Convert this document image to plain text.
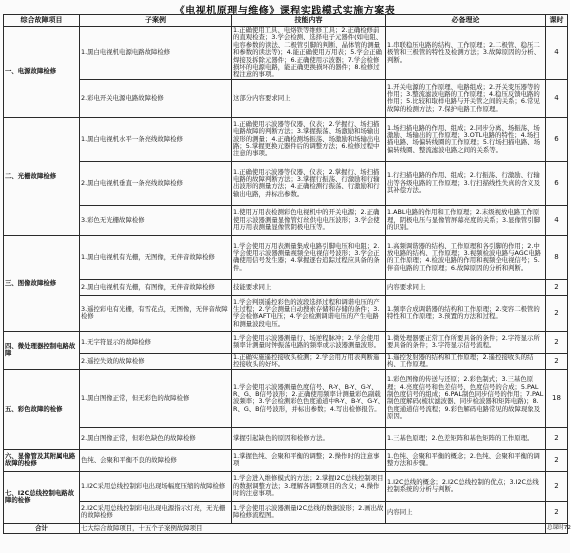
《电视机原理与维修》课程实践模式实施方案表
综合故障项目	子案例	技能内容	必备理论	课时
一、电源故障检修	1.黑白电视机电源电路故障检修	1.正确使用工具、电烙铁等维修工具；2.正确检修前的直观检查；3.学会检测、选择电子元器件(如电阻、电容参数的读法、二极管引脚的判断、晶体管的测量和参数的读法等)；4.能正确使用万用表；5.学会正确焊接及拆除元器件；6.正确使用示波器；7.学会检修损坏的电源电路，能正确更换损坏的器件；8.检修过程注意的事项。	1.串联稳压电路的结构、工作原理；2.二极管、稳压二极管和三极管的特性及检测方法；3.故障原因的分析、判断。	4
	2.彩电开关电源电路故障检修	这部分内容要求同上	1.开关电源的工作原理、电路组成；2.开关变压器等的作用；3.整流滤波电路的工作原理；4.稳压反馈电路的作用；5.比较和取样电路与开关管之间的关系；6.常见故障的检测方法；7.保护电路工作原理。	4
二、光栅故障检修	1.黑白电视机水平一条亮线故障检修	1.正确使用示波器等仪器、仪表；2.学握行、场扫描电路故障的判断方法；3.掌握振荡、场激励和场输出波形的测量；4.正确检测场振荡、场激励和场输出电路；5.掌握更换元器件后的调整方法；6.检修过程中注意的事项。	1.场扫描电路的作用、组成；2.同步分离、场振荡、场激励、场输出的工作原理；3.OTL电路的特性；4.场扫描电路、场偏转线圈的工作原理；5.行场扫描电路、场偏转线圈、整流滤波电路之间的关系等。	6
	2.黑白电视机垂直一条亮线故障检修	1.正确使用示波器等仪器、仪表；2.掌握行、场扫描电路的故障判断方法；3.掌握行振荡、行激励和行输出波形的测量方法；4.正确检测行振荡、行激励和行输出电路，并标出参数。	1.行扫描电路的作用、组成；2.行振荡、行激励、行输出等各级电路的工作原理；3.行扫描线性失真的含义及其补偿方法。	6
	3.彩色无光栅故障检修	1.使用万用表检测彩色电视机中的开关电源；2.正确使用示波器测量显像管灯丝供电电压波形；3.学会使用万用表测量显像管阴极电压等。	1.ABL电路的作用和工作原理；2.末级视放电路工作原理，阴极电压与显像管屏幕亮度的关系；3.显像管引脚的识别。	4
三、图像故障检修	1.黑白电视机有光栅，无图像，无伴音故障检修	1.学会使用万用表测量集成电路引脚电压和电阻；2.学会使用示波器测量视频全电视信号波形；3.学会正确使用信号发生器；4.掌握逐台追踪过程应具备的条件。	1.高频调谐器的结构、工作原理和各引脚的作用；2.中放电路的结构、工作原理；3.视频检波电路与AGC电路的工作原理；4.检波电路的作用和视频全电视信号；5.伴音电路的工作原理；6.故障原因的分析和判断。	8
	2.黑白电视机有光栅，有图像，无伴音故障检修	技能要求同上	内容要求同上	2
	3.遥控彩电有光栅，有雪花点，无图像，无伴音故障检修	1.学会判别遥控彩色的波段选择过程和调谐电压的产生过程；2.学会测量自动搜索存储和存储的条件；3.学会检修AFT电压；4.学会检测调谐电压的产生电路和测量波段电压。	1.频率合成调谐器的结构和工作原理；2.变容二极管的特性和工作原理；3.预置的方法和过程。	2
四、微处理器控制电路故障	1.无字符显示的故障检修	1.学会使用示波器测量行、场逆程脉冲；2.学会使用频率计测量时钟振荡电路的频率或示波器测量波形。	1.微处理器要正常工作所要具备的条件；2.字符显示所要具备的条件；3.字符显示信号流程。	2
	2.遥控失效的故障检修	1.正确实施遥控接收头检测；2.学会用万用表判断遥控接收头的好坏。	1.遥控发射器的结构和工作原理；2.遥控接收头的结构、工作原理。	2
五、彩色故障的检修	1.黑白图像正常，但无彩色的故障检修	1.学会使用示波器测量色度信号、R-Y、B-Y、G-Y、R、G、B信号波形；2.正确使用频率计测量彩色副载波频率；3.学会检测彩色色度通道中R-Y、B-Y、G-Y、R、G、B信号波形，并标出参数；4.写出检修报告。	1.彩色图像的传送与还原；2.彩色制式；3.三基色原理；4.亮度信号和色差信号、色度信号的合成；5.PAL制色度信号的组成；6.PAL制色同步信号的作用；7.PAL制色度解码(梳状滤波器、同步检波器和矩阵电路)；8.色度通道信号流程；9.彩色解码电路常见的故障现象及原因。	18
	2.黑白图像正常，但彩色缺色的故障检修	掌握引起缺色的原因和检修方法。	1.三基色原理；2.色差矩阵和基色矩阵的工作原理。	2
六、显像管及其附属电路故障的检修	色纯、会聚和平衡不良的故障检修	1.掌握色纯、会聚和平衡的调整；2.操作时的注意事项	1.色纯、会聚和平衡的概念；2.色纯、会聚和平衡的调整方法和步骤。	2
七、I2C总线控制电路故障的检修	1.I2C采用总线控制彩电出现场幅度压缩的故障检修	1.学会进入维修模式的方法；2.掌握I2C总线控制项目的数据调整方法；3.理解各调整项目的含义；4.操作时的注意事项。	1.I2C总线的概念；2.I2C总线控制的优点；3.I2C总线控制系统的分析与判断。	2
	2.I2C采用总线控制彩电出现电源指示灯亮，无光栅的故障检修	1.学会使用示波器测量I2C总线的数据波形；2.画出故障检修流程图。	内容同上	2
合计	七大综合故障项目，十五个子案例故障项目			总课时72
